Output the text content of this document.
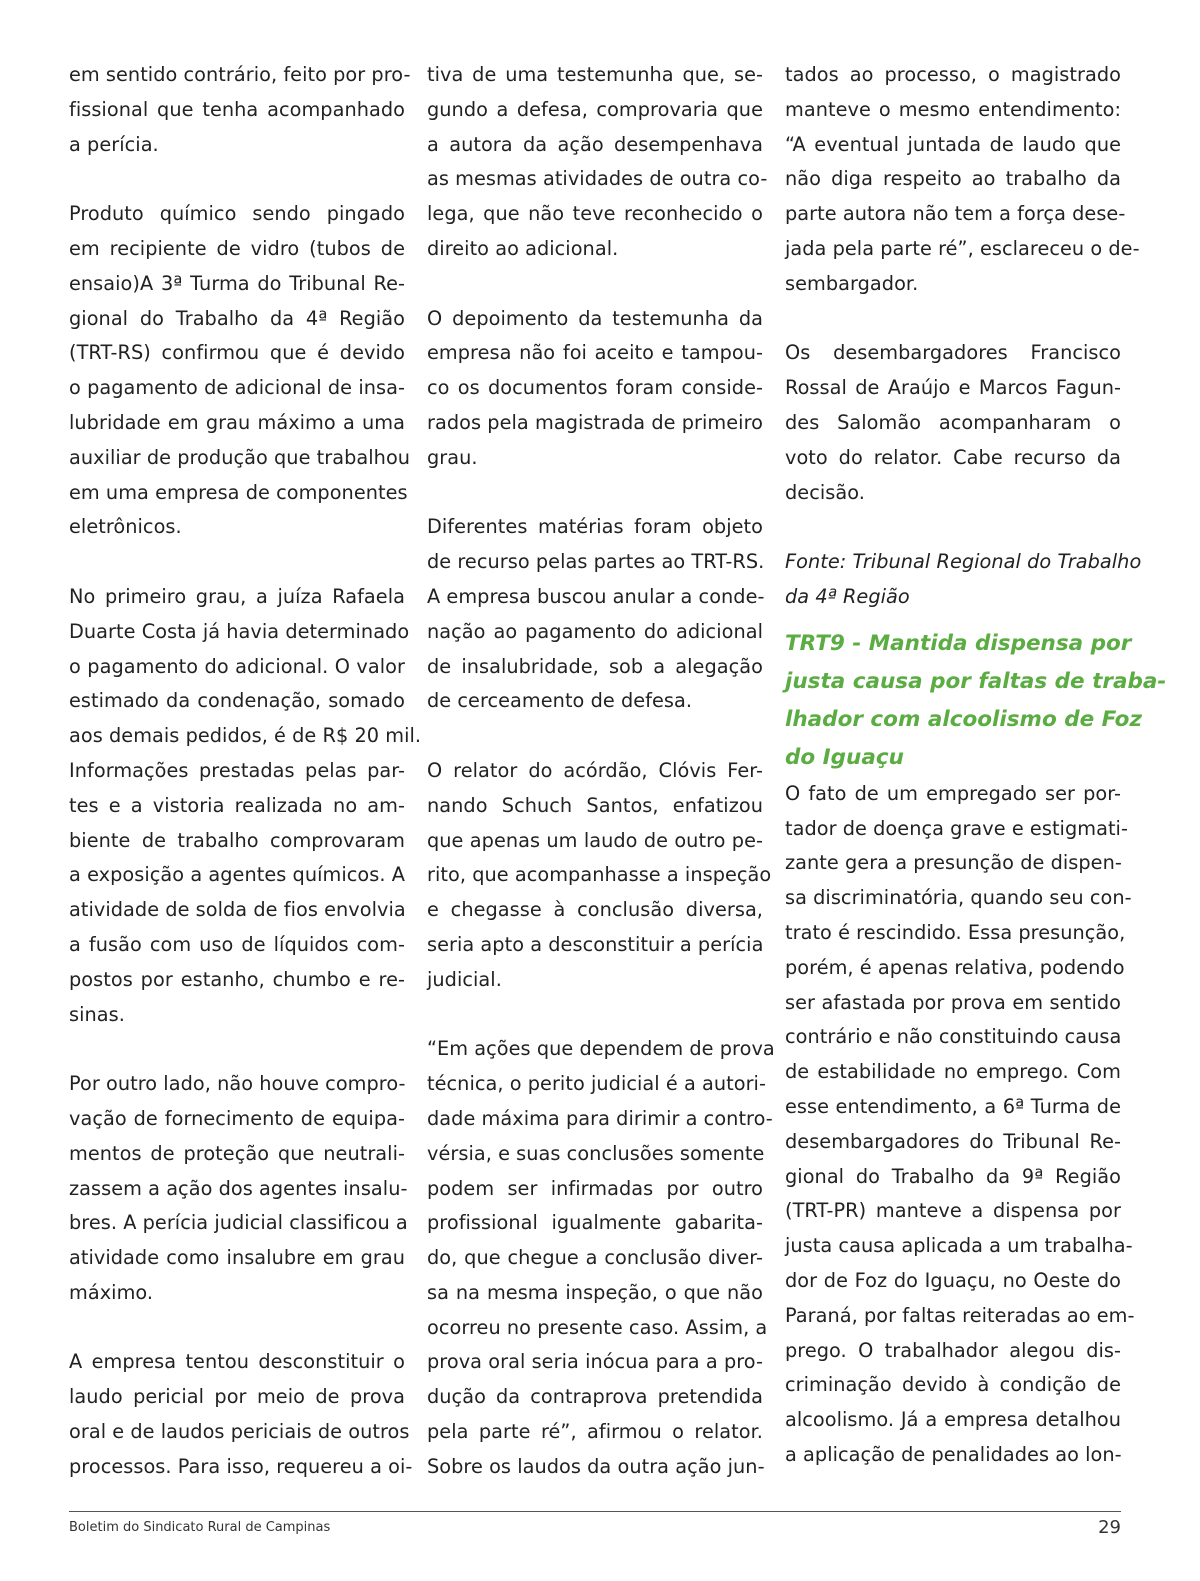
em sentido contrário, feito por pro-
fissional que tenha acompanhado
a perícia.
Produto químico sendo pingado
em recipiente de vidro (tubos de
ensaio)A 3ª Turma do Tribunal Re-
gional do Trabalho da 4ª Região
(TRT-RS) confirmou que é devido
o pagamento de adicional de insa-
lubridade em grau máximo a uma
auxiliar de produção que trabalhou
em uma empresa de componentes
eletrônicos.
No primeiro grau, a juíza Rafaela
Duarte Costa já havia determinado
o pagamento do adicional. O valor
estimado da condenação, somado
aos demais pedidos, é de R$ 20 mil.
Informações prestadas pelas par-
tes e a vistoria realizada no am-
biente de trabalho comprovaram
a exposição a agentes químicos. A
atividade de solda de fios envolvia
a fusão com uso de líquidos com-
postos por estanho, chumbo e re-
sinas.
Por outro lado, não houve compro-
vação de fornecimento de equipa-
mentos de proteção que neutrali-
zassem a ação dos agentes insalu-
bres. A perícia judicial classificou a
atividade como insalubre em grau
máximo.
A empresa tentou desconstituir o
laudo pericial por meio de prova
oral e de laudos periciais de outros
processos. Para isso, requereu a oi-
tiva de uma testemunha que, se-
gundo a defesa, comprovaria que
a autora da ação desempenhava
as mesmas atividades de outra co-
lega, que não teve reconhecido o
direito ao adicional.
O depoimento da testemunha da
empresa não foi aceito e tampou-
co os documentos foram conside-
rados pela magistrada de primeiro
grau.
Diferentes matérias foram objeto
de recurso pelas partes ao TRT-RS.
A empresa buscou anular a conde-
nação ao pagamento do adicional
de insalubridade, sob a alegação
de cerceamento de defesa.
O relator do acórdão, Clóvis Fer-
nando Schuch Santos, enfatizou
que apenas um laudo de outro pe-
rito, que acompanhasse a inspeção
e chegasse à conclusão diversa,
seria apto a desconstituir a perícia
judicial.
“Em ações que dependem de prova
técnica, o perito judicial é a autori-
dade máxima para dirimir a contro-
vérsia, e suas conclusões somente
podem ser infirmadas por outro
profissional igualmente gabarita-
do, que chegue a conclusão diver-
sa na mesma inspeção, o que não
ocorreu no presente caso. Assim, a
prova oral seria inócua para a pro-
dução da contraprova pretendida
pela parte ré”, afirmou o relator.
Sobre os laudos da outra ação jun-
tados ao processo, o magistrado
manteve o mesmo entendimento:
“A eventual juntada de laudo que
não diga respeito ao trabalho da
parte autora não tem a força dese-
jada pela parte ré”, esclareceu o de-
sembargador.
Os desembargadores Francisco
Rossal de Araújo e Marcos Fagun-
des Salomão acompanharam o
voto do relator. Cabe recurso da
decisão.
Fonte: Tribunal Regional do Trabalho
da 4ª Região
TRT9 - Mantida dispensa por
justa causa por faltas de traba-
lhador com alcoolismo de Foz
do Iguaçu
O fato de um empregado ser por-
tador de doença grave e estigmati-
zante gera a presunção de dispen-
sa discriminatória, quando seu con-
trato é rescindido. Essa presunção,
porém, é apenas relativa, podendo
ser afastada por prova em sentido
contrário e não constituindo causa
de estabilidade no emprego. Com
esse entendimento, a 6ª Turma de
desembargadores do Tribunal Re-
gional do Trabalho da 9ª Região
(TRT-PR) manteve a dispensa por
justa causa aplicada a um trabalha-
dor de Foz do Iguaçu, no Oeste do
Paraná, por faltas reiteradas ao em-
prego. O trabalhador alegou dis-
criminação devido à condição de
alcoolismo. Já a empresa detalhou
a aplicação de penalidades ao lon-
Boletim do Sindicato Rural de Campinas	29
